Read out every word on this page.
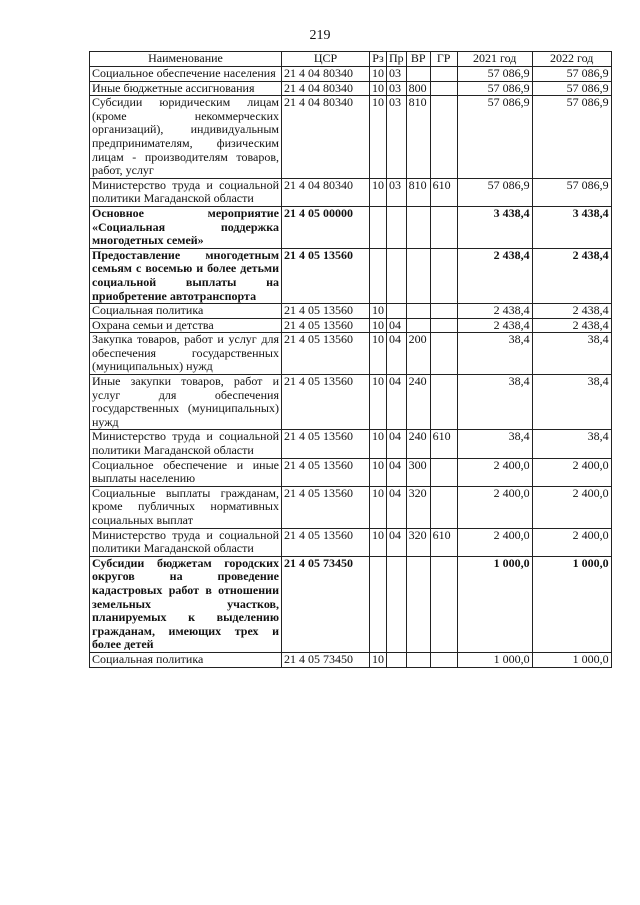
219
Наименование	ЦСР	Рз	Пр	ВР	ГР	2021 год	2022 год
Социальное обеспечение населения	21 4 04 80340	10	03			57 086,9	57 086,9
Иные бюджетные ассигнования	21 4 04 80340	10	03	800		57 086,9	57 086,9
Субсидии юридическим лицам (кроме некоммерческих организаций), индивидуальным предпринимателям, физическим лицам - производителям товаров, работ, услуг	21 4 04 80340	10	03	810		57 086,9	57 086,9
Министерство труда и социальной политики Магаданской области	21 4 04 80340	10	03	810	610	57 086,9	57 086,9
Основное мероприятие «Социальная поддержка многодетных семей»	21 4 05 00000					3 438,4	3 438,4
Предоставление многодетным семьям с восемью и более детьми социальной выплаты на приобретение автотранспорта	21 4 05 13560					2 438,4	2 438,4
Социальная политика	21 4 05 13560	10				2 438,4	2 438,4
Охрана семьи и детства	21 4 05 13560	10	04			2 438,4	2 438,4
Закупка товаров, работ и услуг для обеспечения государственных (муниципальных) нужд	21 4 05 13560	10	04	200		38,4	38,4
Иные закупки товаров, работ и услуг для обеспечения государственных (муниципальных) нужд	21 4 05 13560	10	04	240		38,4	38,4
Министерство труда и социальной политики Магаданской области	21 4 05 13560	10	04	240	610	38,4	38,4
Социальное обеспечение и иные выплаты населению	21 4 05 13560	10	04	300		2 400,0	2 400,0
Социальные выплаты гражданам, кроме публичных нормативных социальных выплат	21 4 05 13560	10	04	320		2 400,0	2 400,0
Министерство труда и социальной политики Магаданской области	21 4 05 13560	10	04	320	610	2 400,0	2 400,0
Субсидии бюджетам городских округов на проведение кадастровых работ в отношении земельных участков, планируемых к выделению гражданам, имеющих трех и более детей	21 4 05 73450					1 000,0	1 000,0
Социальная политика	21 4 05 73450	10				1 000,0	1 000,0
